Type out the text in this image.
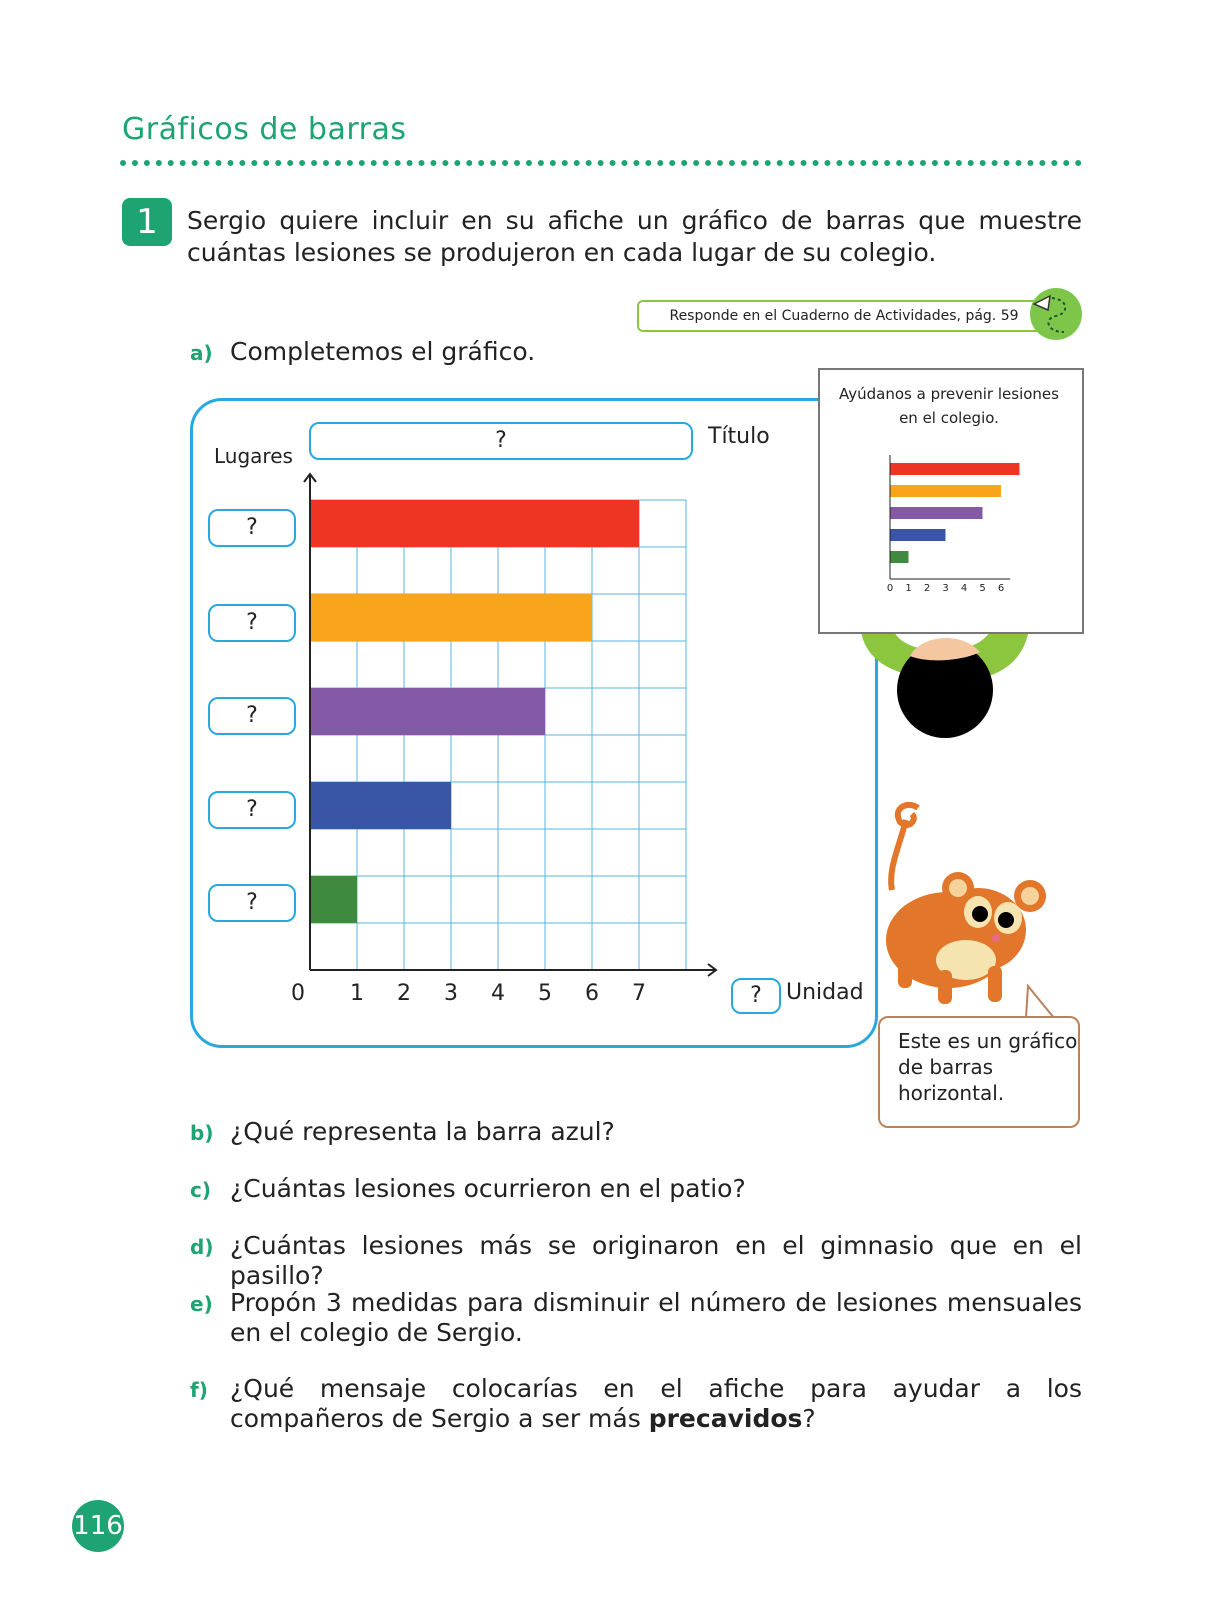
Gráficos de barras
1	Sergio quiere incluir en su afiche un gráfico de barras que muestre cuántas lesiones se produjeron en cada lugar de su colegio.
Responde en el Cuaderno de Actividades, pág. 59
a) Completemos el gráfico.
?	Título
Lugares
?
?
?
?
?
0 1 2 3 4 5 6 7	?	Unidad
Ayúdanos a prevenir lesiones en el colegio.
0 1 2 3 4 5 6
Este es un gráfico de barras horizontal.
b) ¿Qué representa la barra azul?
c) ¿Cuántas lesiones ocurrieron en el patio?
d) ¿Cuántas lesiones más se originaron en el gimnasio que en el pasillo?
e) Propón 3 medidas para disminuir el número de lesiones mensuales en el colegio de Sergio.
f) ¿Qué mensaje colocarías en el afiche para ayudar a los compañeros de Sergio a ser más precavidos?
116
